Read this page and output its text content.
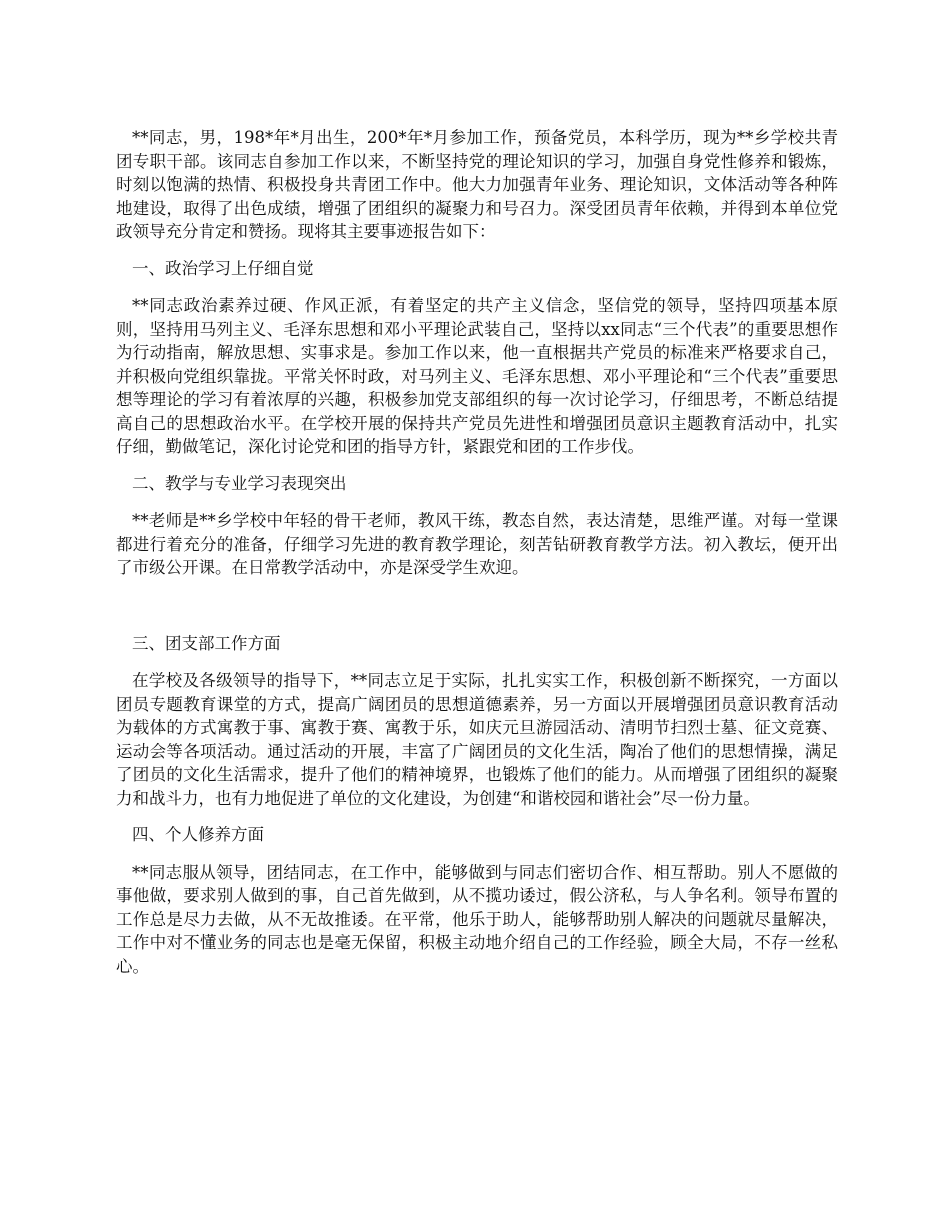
**同志，男，198*年*月出生，200*年*月参加工作，预备党员，本科学历，现为**乡学校共青团专职干部。该同志自参加工作以来，不断坚持党的理论知识的学习，加强自身党性修养和锻炼，时刻以饱满的热情、积极投身共青团工作中。他大力加强青年业务、理论知识，文体活动等各种阵地建设，取得了出色成绩，增强了团组织的凝聚力和号召力。深受团员青年依赖，并得到本单位党政领导充分肯定和赞扬。现将其主要事迹报告如下：

一、政治学习上仔细自觉

**同志政治素养过硬、作风正派，有着坚定的共产主义信念，坚信党的领导，坚持四项基本原则，坚持用马列主义、毛泽东思想和邓小平理论武装自己，坚持以xx同志“三个代表”的重要思想作为行动指南，解放思想、实事求是。参加工作以来，他一直根据共产党员的标准来严格要求自己，并积极向党组织靠拢。平常关怀时政，对马列主义、毛泽东思想、邓小平理论和“三个代表”重要思想等理论的学习有着浓厚的兴趣，积极参加党支部组织的每一次讨论学习，仔细思考，不断总结提高自己的思想政治水平。在学校开展的保持共产党员先进性和增强团员意识主题教育活动中，扎实仔细，勤做笔记，深化讨论党和团的指导方针，紧跟党和团的工作步伐。

二、教学与专业学习表现突出

**老师是**乡学校中年轻的骨干老师，教风干练，教态自然，表达清楚，思维严谨。对每一堂课都进行着充分的准备，仔细学习先进的教育教学理论，刻苦钻研教育教学方法。初入教坛，便开出了市级公开课。在日常教学活动中，亦是深受学生欢迎。

三、团支部工作方面

在学校及各级领导的指导下，**同志立足于实际，扎扎实实工作，积极创新不断探究，一方面以团员专题教育课堂的方式，提高广阔团员的思想道德素养，另一方面以开展增强团员意识教育活动为载体的方式寓教于事、寓教于赛、寓教于乐，如庆元旦游园活动、清明节扫烈士墓、征文竞赛、运动会等各项活动。通过活动的开展，丰富了广阔团员的文化生活，陶冶了他们的思想情操，满足了团员的文化生活需求，提升了他们的精神境界，也锻炼了他们的能力。从而增强了团组织的凝聚力和战斗力，也有力地促进了单位的文化建设，为创建“和谐校园和谐社会”尽一份力量。

四、个人修养方面

**同志服从领导，团结同志，在工作中，能够做到与同志们密切合作、相互帮助。别人不愿做的事他做，要求别人做到的事，自己首先做到，从不揽功诿过，假公济私，与人争名利。领导布置的工作总是尽力去做，从不无故推诿。在平常，他乐于助人，能够帮助别人解决的问题就尽量解决，工作中对不懂业务的同志也是毫无保留，积极主动地介绍自己的工作经验，顾全大局，不存一丝私心。
